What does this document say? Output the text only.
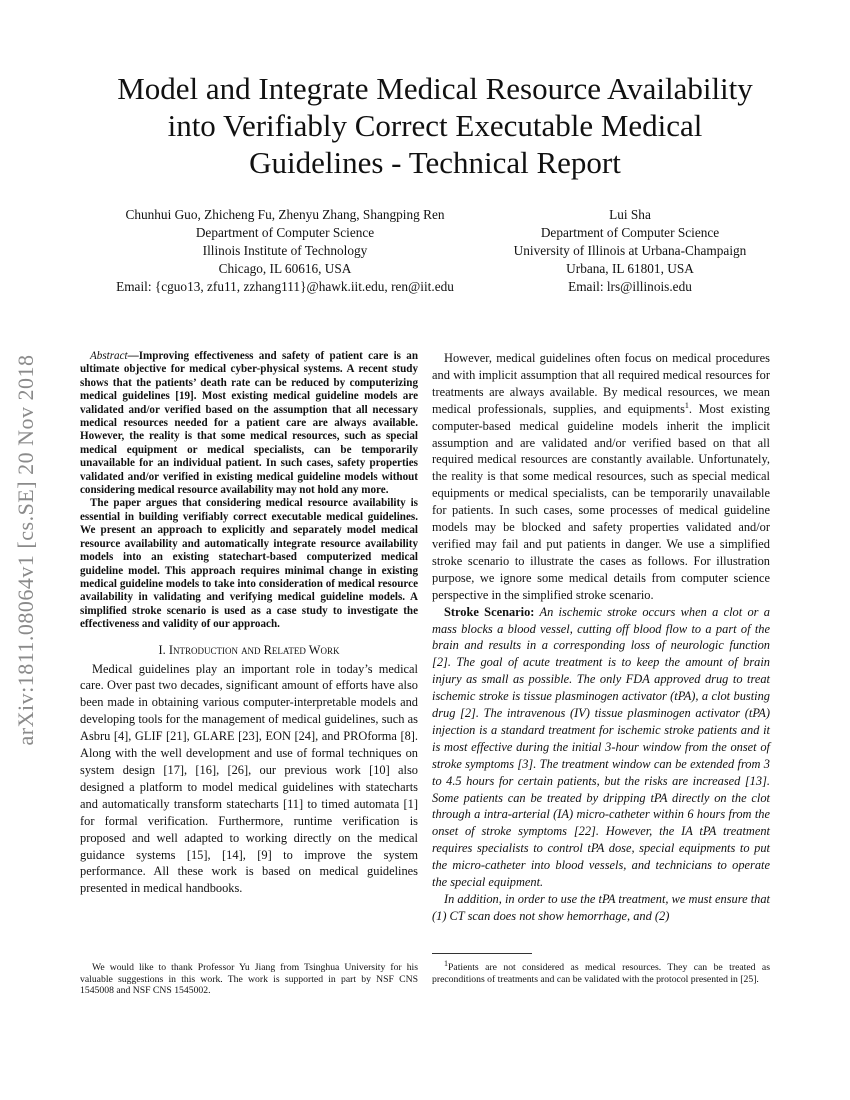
arXiv:1811.08064v1 [cs.SE] 20 Nov 2018
Model and Integrate Medical Resource Availability
into Verifiably Correct Executable Medical
Guidelines - Technical Report
Chunhui Guo, Zhicheng Fu, Zhenyu Zhang, Shangping Ren
Department of Computer Science
Illinois Institute of Technology
Chicago, IL 60616, USA
Email: {cguo13, zfu11, zzhang111}@hawk.iit.edu, ren@iit.edu
Lui Sha
Department of Computer Science
University of Illinois at Urbana-Champaign
Urbana, IL 61801, USA
Email: lrs@illinois.edu

Abstract—Improving effectiveness and safety of patient care is an ultimate objective for medical cyber-physical systems. A recent study shows that the patients’ death rate can be reduced by computerizing medical guidelines [19]. Most existing medical guideline models are validated and/or verified based on the assumption that all necessary medical resources needed for a patient care are always available. However, the reality is that some medical resources, such as special medical equipment or medical specialists, can be temporarily unavailable for an individual patient. In such cases, safety properties validated and/or verified in existing medical guideline models without considering medical resource availability may not hold any more.

The paper argues that considering medical resource availability is essential in building verifiably correct executable medical guidelines. We present an approach to explicitly and separately model medical resource availability and automatically integrate resource availability models into an existing statechart-based computerized medical guideline model. This approach requires minimal change in existing medical guideline models to take into consideration of medical resource availability in validating and verifying medical guideline models. A simplified stroke scenario is used as a case study to investigate the effectiveness and validity of our approach.

I. Introduction and Related Work

Medical guidelines play an important role in today’s medical care. Over past two decades, significant amount of efforts have also been made in obtaining various computer-interpretable models and developing tools for the management of medical guidelines, such as Asbru [4], GLIF [21], GLARE [23], EON [24], and PROforma [8]. Along with the well development and use of formal techniques on system design [17], [16], [26], our previous work [10] also designed a platform to model medical guidelines with statecharts and automatically transform statecharts [11] to timed automata [1] for formal verification. Furthermore, runtime verification is proposed and well adapted to working directly on the medical guidance systems [15], [14], [9] to improve the system performance. All these work is based on medical guidelines presented in medical handbooks.

However, medical guidelines often focus on medical procedures and with implicit assumption that all required medical resources for treatments are always available. By medical resources, we mean medical professionals, supplies, and equipments$^1$. Most existing computer-based medical guideline models inherit the implicit assumption and are validated and/or verified based on that all required medical resources are constantly available. Unfortunately, the reality is that some medical resources, such as special medical equipments or medical specialists, can be temporarily unavailable for patients. In such cases, some processes of medical guideline models may be blocked and safety properties validated and/or verified may fail and put patients in danger. We use a simplified stroke scenario to illustrate the cases as follows. For illustration purpose, we ignore some medical details from computer science perspective in the simplified stroke scenario.

Stroke Scenario: An ischemic stroke occurs when a clot or a mass blocks a blood vessel, cutting off blood flow to a part of the brain and results in a corresponding loss of neurologic function [2]. The goal of acute treatment is to keep the amount of brain injury as small as possible. The only FDA approved drug to treat ischemic stroke is tissue plasminogen activator (tPA), a clot busting drug [2]. The intravenous (IV) tissue plasminogen activator (tPA) injection is a standard treatment for ischemic stroke patients and it is most effective during the initial 3-hour window from the onset of stroke symptoms [3]. The treatment window can be extended from 3 to 4.5 hours for certain patients, but the risks are increased [13]. Some patients can be treated by dripping tPA directly on the clot through a intra-arterial (IA) micro-catheter within 6 hours from the onset of stroke symptoms [22]. However, the IA tPA treatment requires specialists to control tPA dose, special equipments to put the micro-catheter into blood vessels, and technicians to operate the special equipment.

In addition, in order to use the tPA treatment, we must ensure that (1) CT scan does not show hemorrhage, and (2)

We would like to thank Professor Yu Jiang from Tsinghua University for his valuable suggestions in this work. The work is supported in part by NSF CNS 1545008 and NSF CNS 1545002.

$^1$Patients are not considered as medical resources. They can be treated as preconditions of treatments and can be validated with the protocol presented in [25].
